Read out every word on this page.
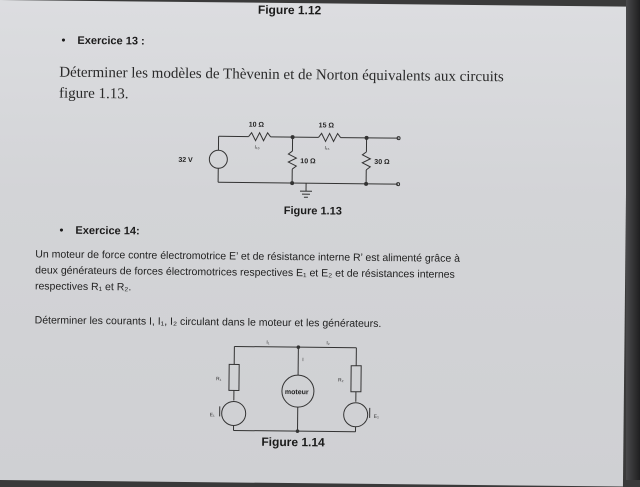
Figure 1.12
• Exercice 13 :
Déterminer les modèles de Thèvenin et de Norton équivalents aux circuits
figure 1.13.
32 V
10 Ω
I₁₀
15 Ω
I₁₅
10 Ω	30 Ω
Figure 1.13
• Exercice 14:
Un moteur de force contre électromotrice E’ et de résistance interne R’ est alimenté grâce à
deux générateurs de forces électromotrices respectives E₁ et E₂ et de résistances internes
respectives R₁ et R₂.
Déterminer les courants I, I₁, I₂ circulant dans le moteur et les générateurs.
I₁	I₂
I
R₁	R₂
moteur
E₁	E₂
Figure 1.14
